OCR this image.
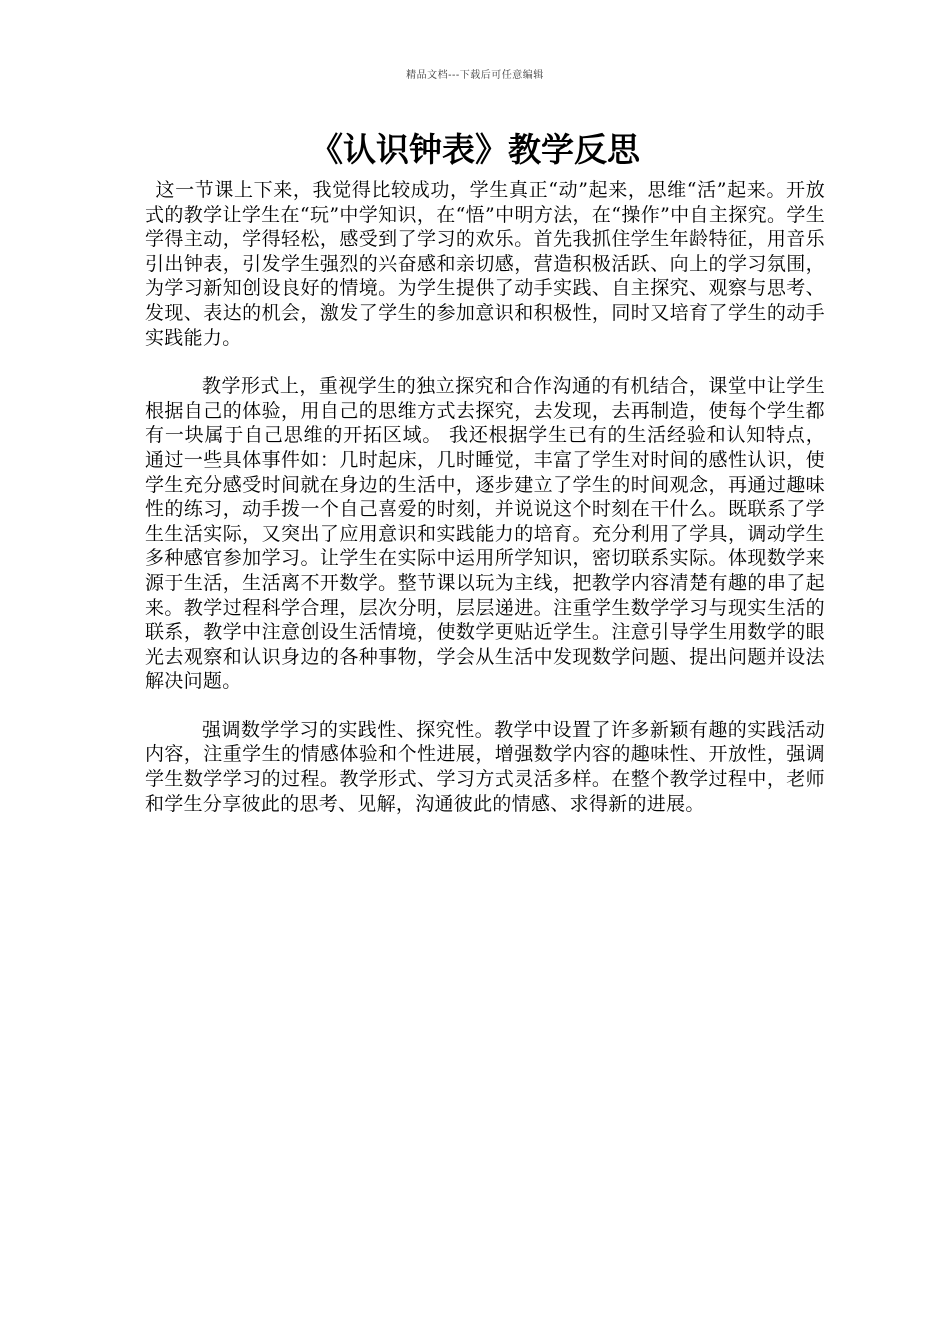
精品文档---下载后可任意编辑
《认识钟表》教学反思

这一节课上下来，我觉得比较成功，学生真正“动”起来，思维“活”起来。开放式的教学让学生在“玩”中学知识，在“悟”中明方法，在“操作”中自主探究。学生学得主动，学得轻松，感受到了学习的欢乐。首先我抓住学生年龄特征，用音乐引出钟表，引发学生强烈的兴奋感和亲切感，营造积极活跃、向上的学习氛围，为学习新知创设良好的情境。为学生提供了动手实践、自主探究、观察与思考、发现、表达的机会，激发了学生的参加意识和积极性，同时又培育了学生的动手实践能力。

教学形式上，重视学生的独立探究和合作沟通的有机结合，课堂中让学生根据自己的体验，用自己的思维方式去探究，去发现，去再制造，使每个学生都有一块属于自己思维的开拓区域。 我还根据学生已有的生活经验和认知特点，通过一些具体事件如：几时起床，几时睡觉，丰富了学生对时间的感性认识，使学生充分感受时间就在身边的生活中，逐步建立了学生的时间观念，再通过趣味性的练习，动手拨一个自己喜爱的时刻，并说说这个时刻在干什么。既联系了学生生活实际，又突出了应用意识和实践能力的培育。充分利用了学具，调动学生多种感官参加学习。让学生在实际中运用所学知识，密切联系实际。体现数学来源于生活，生活离不开数学。整节课以玩为主线，把教学内容清楚有趣的串了起来。教学过程科学合理，层次分明，层层递进。注重学生数学学习与现实生活的联系，教学中注意创设生活情境，使数学更贴近学生。注意引导学生用数学的眼光去观察和认识身边的各种事物，学会从生活中发现数学问题、提出问题并设法解决问题。

强调数学学习的实践性、探究性。教学中设置了许多新颖有趣的实践活动内容，注重学生的情感体验和个性进展，增强数学内容的趣味性、开放性，强调学生数学学习的过程。教学形式、学习方式灵活多样。在整个教学过程中，老师和学生分享彼此的思考、见解，沟通彼此的情感、求得新的进展。
